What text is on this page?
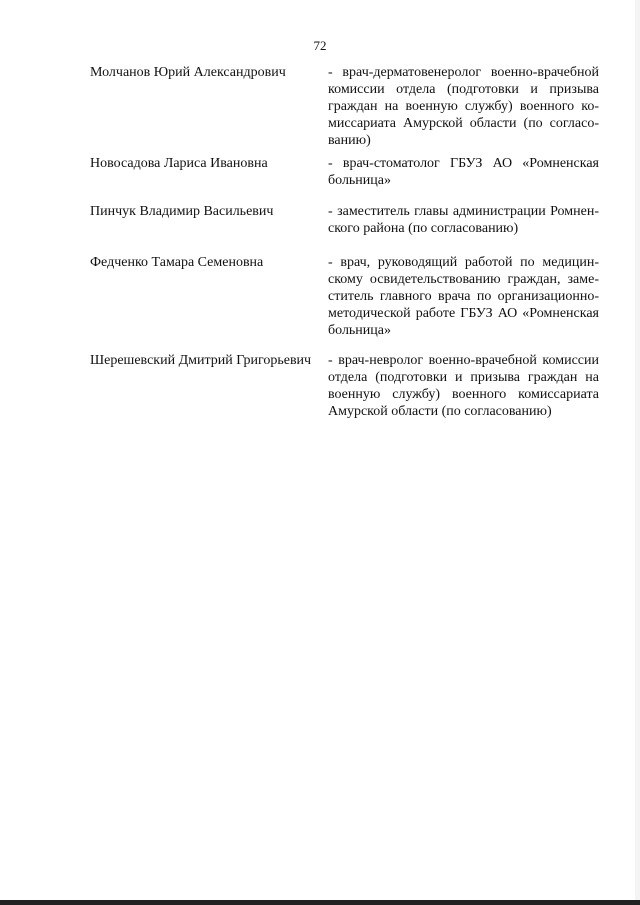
72
Молчанов Юрий Александрович	- врач-дерматовенеролог военно-врачебной комиссии отдела (подготовки и призыва граждан на военную службу) военного ко-миссариата Амурской области (по согласо-ванию)
Новосадова Лариса Ивановна	- врач-стоматолог ГБУЗ АО «Ромненская больница»
Пинчук Владимир Васильевич	- заместитель главы администрации Ромнен-ского района (по согласованию)
Федченко Тамара Семеновна	- врач, руководящий работой по медицин-скому освидетельствованию граждан, заме-ститель главного врача по организационно-методической работе ГБУЗ АО «Ромненская больница»
Шерешевский Дмитрий Григорьевич	- врач-невролог военно-врачебной комиссии отдела (подготовки и призыва граждан на военную службу) военного комиссариата Амурской области (по согласованию)
